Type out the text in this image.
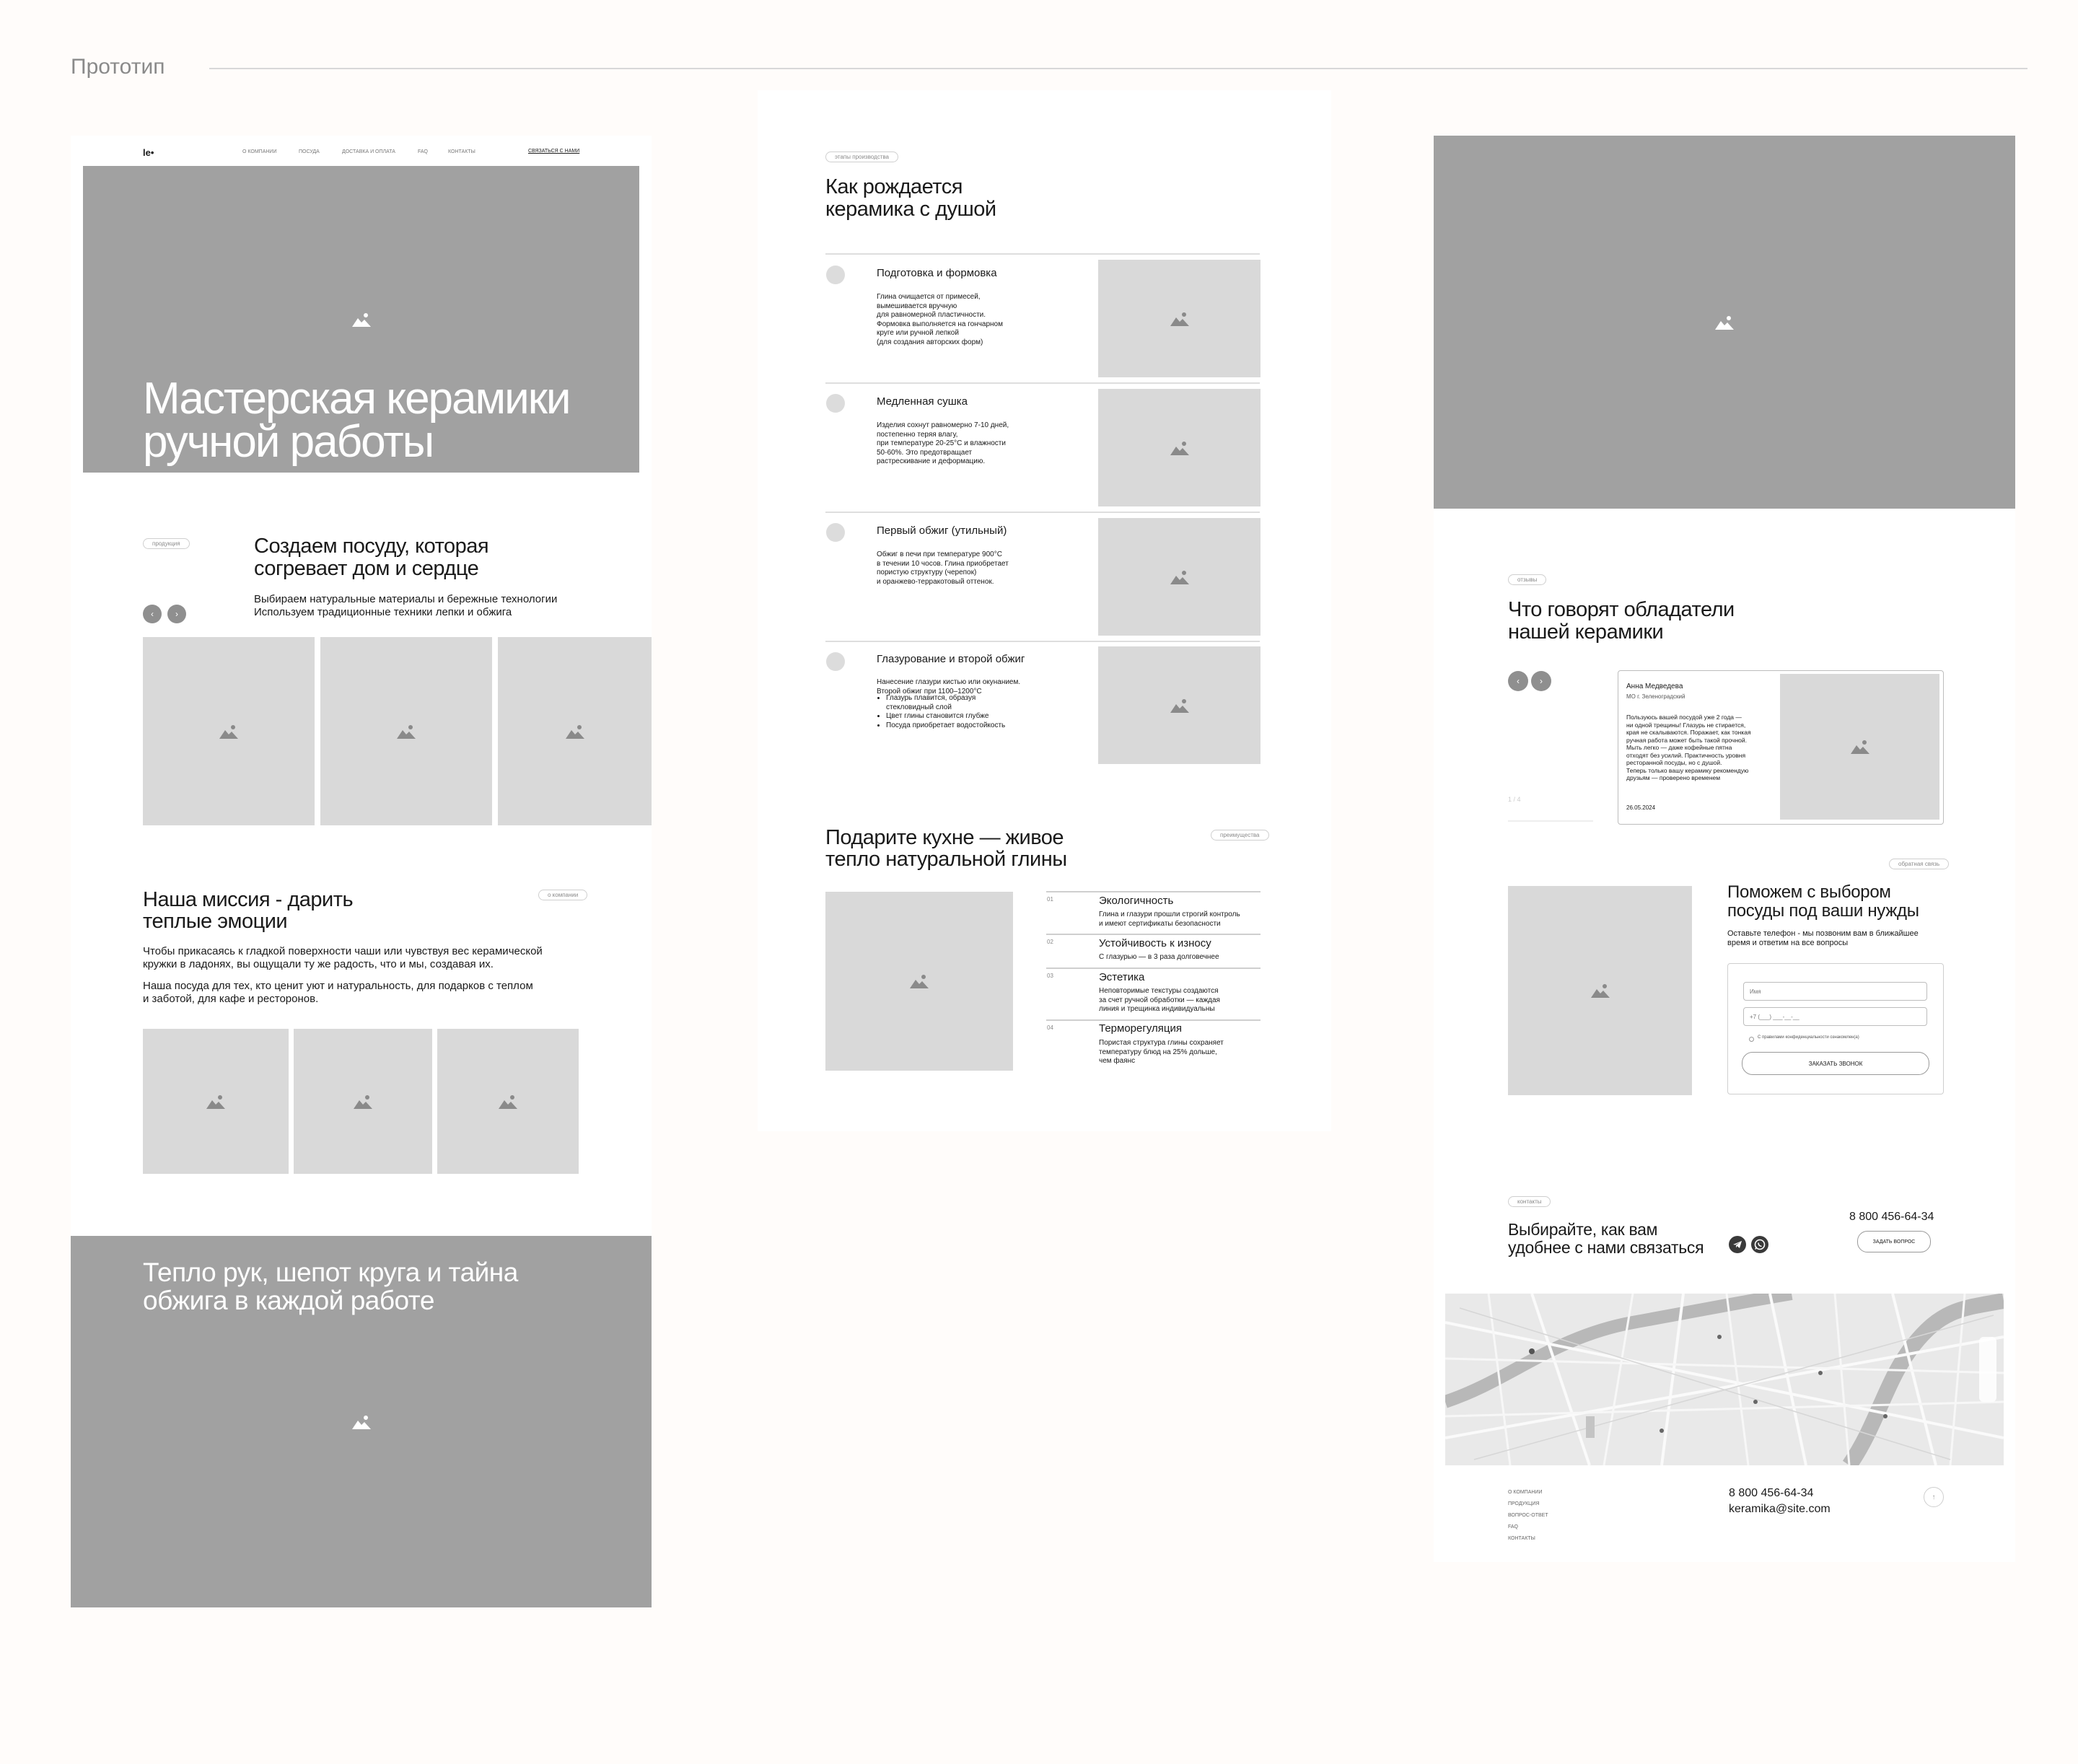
Прототип
le•	О КОМПАНИИ	ПОСУДА	ДОСТАВКА И ОПЛАТА	FAQ	КОНТАКТЫ	СВЯЗАТЬСЯ С НАМИ
Мастерская керамики
ручной работы
продукция	Создаем посуду, которая
согревает дом и сердце
Выбираем натуральные материалы и бережные технологии
Используем традиционные техники лепки и обжига
‹	›
Наша миссия - дарить
теплые эмоции
о компании
Чтобы прикасаясь к гладкой поверхности чаши или чувствуя вес керамической
кружки в ладонях, вы ощущали ту же радость, что и мы, создавая их.
Наша посуда для тех, кто ценит уют и натуральность, для подарков с теплом
и заботой, для кафе и ресторонов.
Тепло рук, шепот круга и тайна
обжига в каждой работе
этапы производства
Как рождается
керамика с душой
Подготовка и формовка
Глина очищается от примесей,
вымешивается вручную
для равномерной пластичности.
Формовка выполняется на гончарном
круге или ручной лепкой
(для создания авторских форм)
Медленная сушка
Изделия сохнут равномерно 7-10 дней,
постепенно теряя влагу,
при температуре 20-25°C и влажности
50-60%. Это предотвращает
растрескивание и деформацию.
Первый обжиг (утильный)
Обжиг в печи при температуре 900°C
в течении 10 чосов. Глина приобретает
пористую структуру (черепок)
и оранжево-терракотовый оттенок.
Глазурование и второй обжиг
Нанесение глазури кистью или окунанием.
Второй обжиг при 1100–1200°C
• Глазурь плавится, образуя
стекловидный слой
• Цвет глины становится глубже
• Посуда приобретает водостойкость
Подарите кухне — живое
тепло натуральной глины
преимущества
01	Экологичность
Глина и глазури прошли строгий контроль
и имеют сертификаты безопасности
02	Устойчивость к износу
С глазурью — в 3 раза долговечнее
03	Эстетика
Неповторимые текстуры создаются
за счет ручной обработки — каждая
линия и трещинка индивидуальны
04	Терморегуляция
Пористая структура глины сохраняет
температуру блюд на 25% дольше,
чем фаянс
отзывы
Что говорят обладатели
нашей керамики
‹	›
1 / 4
Анна Медведева
МО г. Зеленоградский
Пользуюсь вашей посудой уже 2 года —
ни одной трещины! Глазурь не стирается,
края не скалываются. Поражает, как тонкая
ручная работа может быть такой прочной.
Мыть легко — даже кофейные пятна
отходят без усилий. Практичность уровня
ресторанной посуды, но с душой.
Теперь только вашу керамику рекомендую
друзьям — проверено временем
26.05.2024
обратная связь
Поможем с выбором
посуды под ваши нужды
Оставьте телефон - мы позвоним вам в ближайшее
время и ответим на все вопросы
Имя
+7 (___) ___-__-__
С правилами конфиденциальности ознакомлен(а)
ЗАКАЗАТЬ ЗВОНОК
контакты
Выбирайте, как вам
удобнее с нами связаться
8 800 456-64-34
ЗАДАТЬ ВОПРОС
О КОМПАНИИ
ПРОДУКЦИЯ
ВОПРОС-ОТВЕТ
FAQ
КОНТАКТЫ
8 800 456-64-34
keramika@site.com
↑
